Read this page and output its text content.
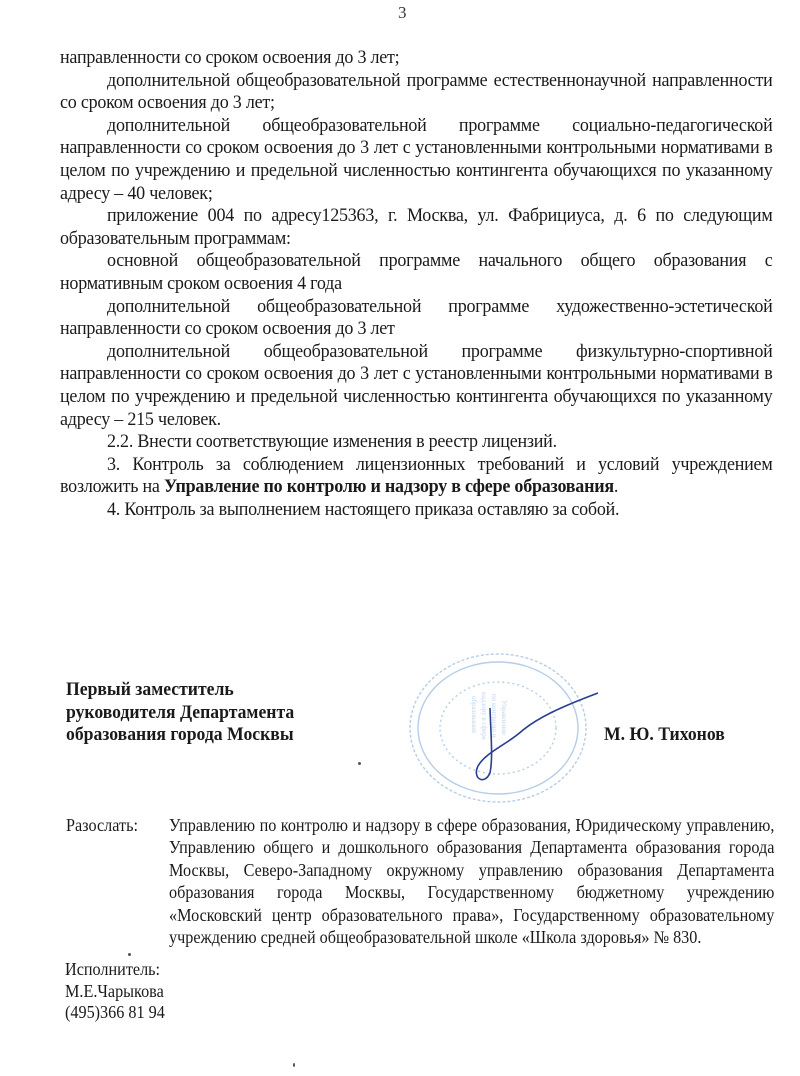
3

направленности со сроком освоения до 3 лет;

дополнительной общеобразовательной программе естественнонаучной направленности со сроком освоения до 3 лет;

дополнительной общеобразовательной программе социально-педагогической направленности со сроком освоения до 3 лет с установленными контрольными нормативами в целом по учреждению и предельной численностью контингента обучающихся по указанному адресу – 40 человек;

приложение 004 по адресу125363, г. Москва, ул. Фабрициуса, д. 6 по следующим образовательным программам:

основной общеобразовательной программе начального общего образования с нормативным сроком освоения 4 года

дополнительной общеобразовательной программе художественно-эстетической направленности со сроком освоения до 3 лет

дополнительной общеобразовательной программе физкультурно-спортивной направленности со сроком освоения до 3 лет с установленными контрольными нормативами в целом по учреждению и предельной численностью контингента обучающихся по указанному адресу – 215 человек.

2.2. Внести соответствующие изменения в реестр лицензий.

3. Контроль за соблюдением лицензионных требований и условий учреждением возложить на Управление по контролю и надзору в сфере образования.

4. Контроль за выполнением настоящего приказа оставляю за собой.

Первый заместитель
руководителя Департамента
образования города Москвы	Управление
по контролю и
надзору в сфере
образования
М. Ю. Тихонов
Разослать: Управлению по контролю и надзору в сфере образования, Юридическому управлению, Управлению общего и дошкольного образования Департамента образования города Москвы, Северо-Западному окружному управлению образования Департамента образования города Москвы, Государственному бюджетному учреждению «Московский центр образовательного права», Государственному образовательному учреждению средней общеобразовательной школе «Школа здоровья» № 830.
Исполнитель:
М.Е.Чарыкова
(495)366 81 94
